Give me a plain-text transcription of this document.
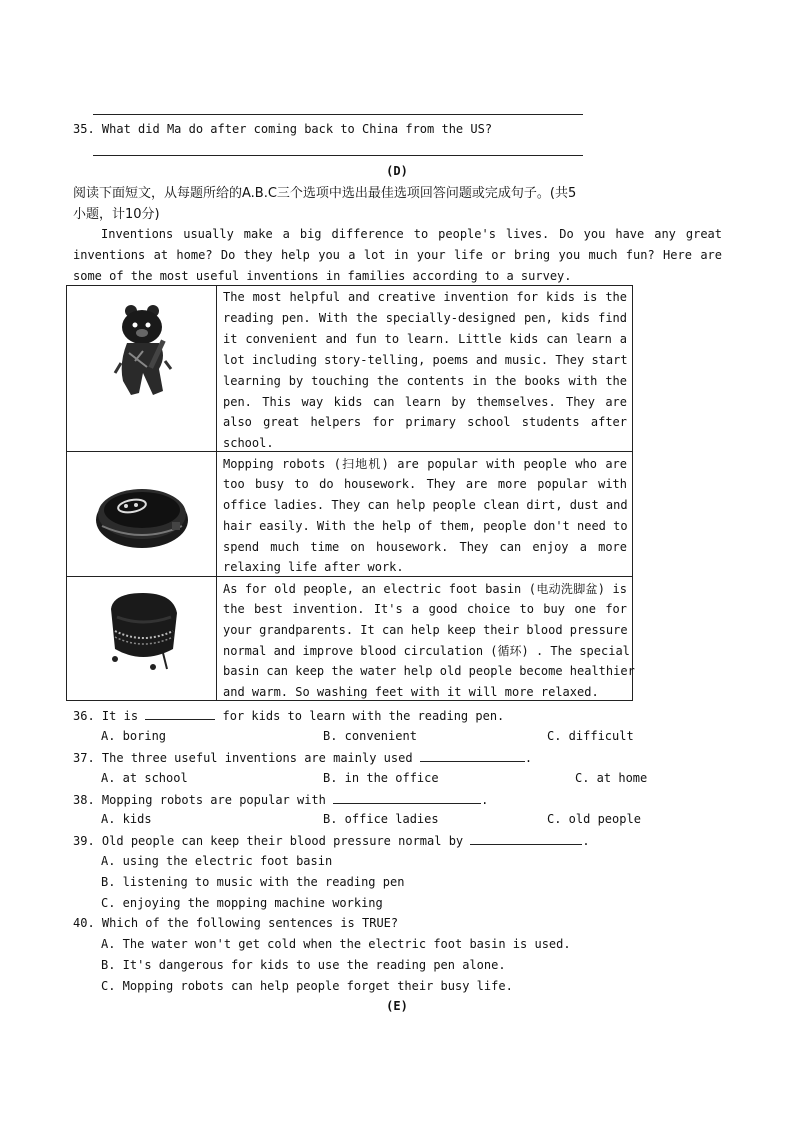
35. What did Ma do after coming back to China from the US?
(D)
阅读下面短文，从每题所给的A.B.C三个选项中选出最佳选项回答问题或完成句子。(共5
小题，计10分)
Inventions usually make a big difference to people's lives. Do you have any great
inventions at home? Do they help you a lot in your life or bring you much fun? Here are
some of the most useful inventions in families according to a survey.
The most helpful and creative invention for kids is the
reading pen. With the specially-designed pen, kids find
it convenient and fun to learn. Little kids can learn a
lot including story-telling, poems and music. They start
learning by touching the contents in the books with the
pen. This way kids can learn by themselves. They are
also great helpers for primary school students after
school.
Mopping robots (扫地机) are popular with people who are
too busy to do housework. They are more popular with
office ladies. They can help people clean dirt, dust and
hair easily. With the help of them, people don't need to
spend much time on housework. They can enjoy a more
relaxing life after work.
As for old people, an electric foot basin (电动洗脚盆) is
the best invention. It's a good choice to buy one for
your grandparents. It can help keep their blood pressure
normal and improve blood circulation (循环) . The special
basin can keep the water help old people become healthier
and warm. So washing feet with it will more relaxed.
36. It is	for kids to learn with the reading pen.
A. boring	B. convenient	C. difficult
37. The three useful inventions are mainly used	.
A. at school	B. in the office	C. at home
38. Mopping robots are popular with	.
A. kids	B. office ladies	C. old people
39. Old people can keep their blood pressure normal by	.
A. using the electric foot basin
B. listening to music with the reading pen
C. enjoying the mopping machine working
40. Which of the following sentences is TRUE?
A. The water won't get cold when the electric foot basin is used.
B. It's dangerous for kids to use the reading pen alone.
C. Mopping robots can help people forget their busy life.
(E)
